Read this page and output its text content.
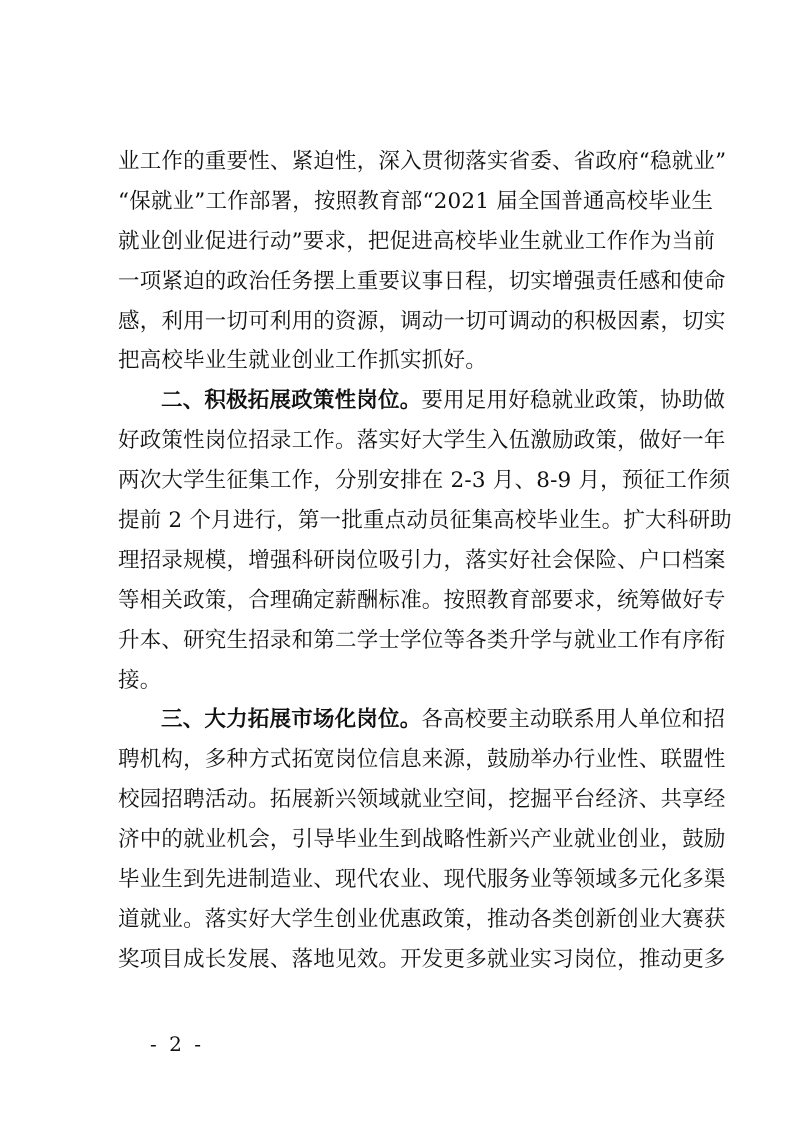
业工作的重要性、紧迫性，深入贯彻落实省委、省政府“稳就业”
“保就业”工作部署，按照教育部“2021 届全国普通高校毕业生
就业创业促进行动”要求，把促进高校毕业生就业工作作为当前
一项紧迫的政治任务摆上重要议事日程，切实增强责任感和使命
感，利用一切可利用的资源，调动一切可调动的积极因素，切实
把高校毕业生就业创业工作抓实抓好。
二、积极拓展政策性岗位。要用足用好稳就业政策，协助做
好政策性岗位招录工作。落实好大学生入伍激励政策，做好一年
两次大学生征集工作，分别安排在 2-3 月、8-9 月，预征工作须
提前 2 个月进行，第一批重点动员征集高校毕业生。扩大科研助
理招录规模，增强科研岗位吸引力，落实好社会保险、户口档案
等相关政策，合理确定薪酬标准。按照教育部要求，统筹做好专
升本、研究生招录和第二学士学位等各类升学与就业工作有序衔
接。
三、大力拓展市场化岗位。各高校要主动联系用人单位和招
聘机构，多种方式拓宽岗位信息来源，鼓励举办行业性、联盟性
校园招聘活动。拓展新兴领域就业空间，挖掘平台经济、共享经
济中的就业机会，引导毕业生到战略性新兴产业就业创业，鼓励
毕业生到先进制造业、现代农业、现代服务业等领域多元化多渠
道就业。落实好大学生创业优惠政策，推动各类创新创业大赛获
奖项目成长发展、落地见效。开发更多就业实习岗位，推动更多
- 2 -
